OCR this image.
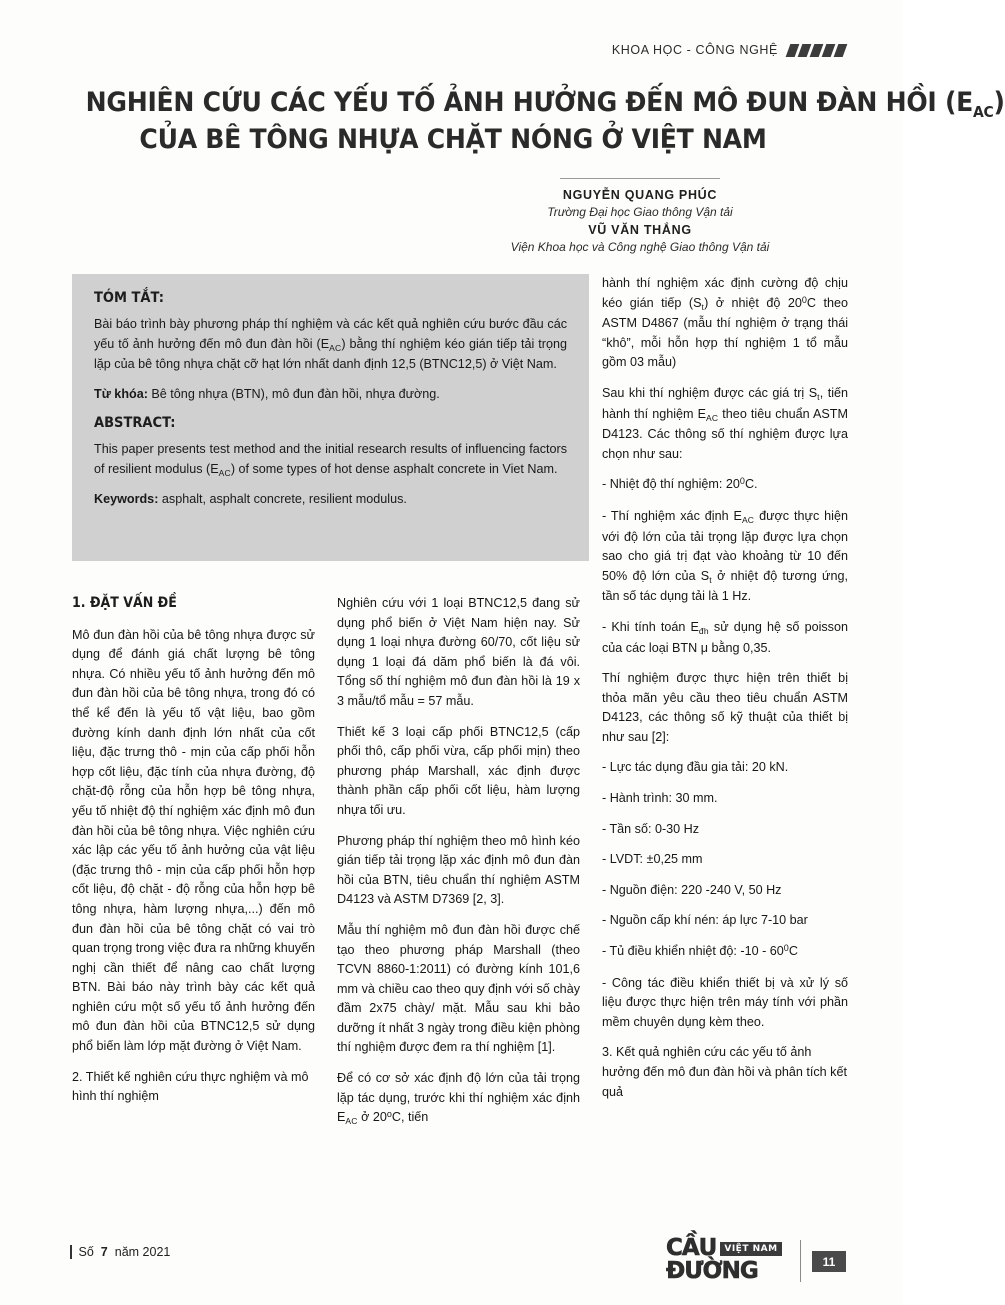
KHOA HỌC - CÔNG NGHỆ
NGHIÊN CỨU CÁC YẾU TỐ ẢNH HƯỞNG ĐẾN MÔ ĐUN ĐÀN HỒI $(E_{AC})$
CỦA BÊ TÔNG NHỰA CHẶT NÓNG Ở VIỆT NAM
NGUYỄN QUANG PHÚC
Trường Đại học Giao thông Vận tải
VŨ VĂN THẮNG
Viện Khoa học và Công nghệ Giao thông Vận tải
TÓM TẮT:

Bài báo trình bày phương pháp thí nghiệm và các kết quả nghiên cứu bước đầu các yếu tố ảnh hưởng đến mô đun đàn hồi $(E_{AC})$ bằng thí nghiệm kéo gián tiếp tải trọng lặp của bê tông nhựa chặt cỡ hạt lớn nhất danh định 12,5 (BTNC12,5) ở Việt Nam.

Từ khóa: Bê tông nhựa (BTN), mô đun đàn hồi, nhựa đường.

ABSTRACT:

This paper presents test method and the initial research results of influencing factors of resilient modulus $(E_{AC})$ of some types of hot dense asphalt concrete in Viet Nam.

Keywords: asphalt, asphalt concrete, resilient modulus.

1. ĐẶT VẤN ĐỀ

Mô đun đàn hồi của bê tông nhựa được sử dụng để đánh giá chất lượng bê tông nhựa. Có nhiều yếu tố ảnh hưởng đến mô đun đàn hồi của bê tông nhựa, trong đó có thể kể đến là yếu tố vật liệu, bao gồm đường kính danh định lớn nhất của cốt liệu, đặc trưng thô - mịn của cấp phối hỗn hợp cốt liệu, đặc tính của nhựa đường, độ chặt-độ rỗng của hỗn hợp bê tông nhựa, yếu tố nhiệt độ thí nghiệm xác định mô đun đàn hồi của bê tông nhựa. Việc nghiên cứu xác lập các yếu tố ảnh hưởng của vật liệu (đặc trưng thô - mịn của cấp phối hỗn hợp cốt liệu, độ chặt - độ rỗng của hỗn hợp bê tông nhựa, hàm lượng nhựa,...) đến mô đun đàn hồi của bê tông chặt có vai trò quan trọng trong việc đưa ra những khuyến nghị cần thiết để nâng cao chất lượng BTN. Bài báo này trình bày các kết quả nghiên cứu một số yếu tố ảnh hưởng đến mô đun đàn hồi của BTNC12,5 sử dụng phổ biến làm lớp mặt đường ở Việt Nam.

2. Thiết kế nghiên cứu thực nghiệm và mô hình thí nghiệm

Nghiên cứu với 1 loại BTNC12,5 đang sử dụng phổ biến ở Việt Nam hiện nay. Sử dụng 1 loại nhựa đường 60/70, cốt liệu sử dụng 1 loại đá dăm phổ biến là đá vôi. Tổng số thí nghiệm mô đun đàn hồi là 19 x 3 mẫu/tổ mẫu = 57 mẫu.

Thiết kế 3 loại cấp phối BTNC12,5 (cấp phối thô, cấp phối vừa, cấp phối mịn) theo phương pháp Marshall, xác định được thành phần cấp phối cốt liệu, hàm lượng nhựa tối ưu.

Phương pháp thí nghiệm theo mô hình kéo gián tiếp tải trọng lặp xác định mô đun đàn hồi của BTN, tiêu chuẩn thí nghiệm ASTM D4123 và ASTM D7369 [2, 3].

Mẫu thí nghiệm mô đun đàn hồi được chế tạo theo phương pháp Marshall (theo TCVN 8860-1:2011) có đường kính 101,6 mm và chiều cao theo quy định với số chày đầm 2x75 chày/ mặt. Mẫu sau khi bảo dưỡng ít nhất 3 ngày trong điều kiện phòng thí nghiệm được đem ra thí nghiệm [1].

Để có cơ sở xác định độ lớn của tải trọng lặp tác dụng, trước khi thí nghiệm xác định $E_{AC}$ ở 20$^o$C, tiến

hành thí nghiệm xác định cường độ chịu kéo gián tiếp $(S_t)$ ở nhiệt độ $20^0C$ theo ASTM D4867 (mẫu thí nghiệm ở trạng thái “khô”, mỗi hỗn hợp thí nghiệm 1 tổ mẫu gồm 03 mẫu)

Sau khi thí nghiệm được các giá trị $S_t$, tiến hành thí nghiệm $E_{AC}$ theo tiêu chuẩn ASTM D4123. Các thông số thí nghiệm được lựa chọn như sau:

- Nhiệt độ thí nghiệm: $20^0C$.

- Thí nghiệm xác định $E_{AC}$ được thực hiện với độ lớn của tải trọng lặp được lựa chọn sao cho giá trị đạt vào khoảng từ 10 đến 50% độ lớn của $S_t$ ở nhiệt độ tương ứng, tần số tác dụng tải là 1 Hz.

- Khi tính toán $E_{đh}$ sử dụng hệ số poisson của các loại BTN μ bằng 0,35.

Thí nghiệm được thực hiện trên thiết bị thỏa mãn yêu cầu theo tiêu chuẩn ASTM D4123, các thông số kỹ thuật của thiết bị như sau [2]:

- Lực tác dụng đầu gia tải: 20 kN.

- Hành trình: 30 mm.

- Tần số: 0-30 Hz

- LVDT: ±0,25 mm

- Nguồn điện: 220 -240 V, 50 Hz

- Nguồn cấp khí nén: áp lực 7-10 bar

- Tủ điều khiển nhiệt độ: $-10 - 60^0C$

- Công tác điều khiển thiết bị và xử lý số liệu được thực hiện trên máy tính với phần mềm chuyên dụng kèm theo.

3. Kết quả nghiên cứu các yếu tố ảnh hưởng đến mô đun đàn hồi và phân tích kết quả

Số 7 năm 2021	CẦU VIỆT NAM
ĐƯỜNG	11
